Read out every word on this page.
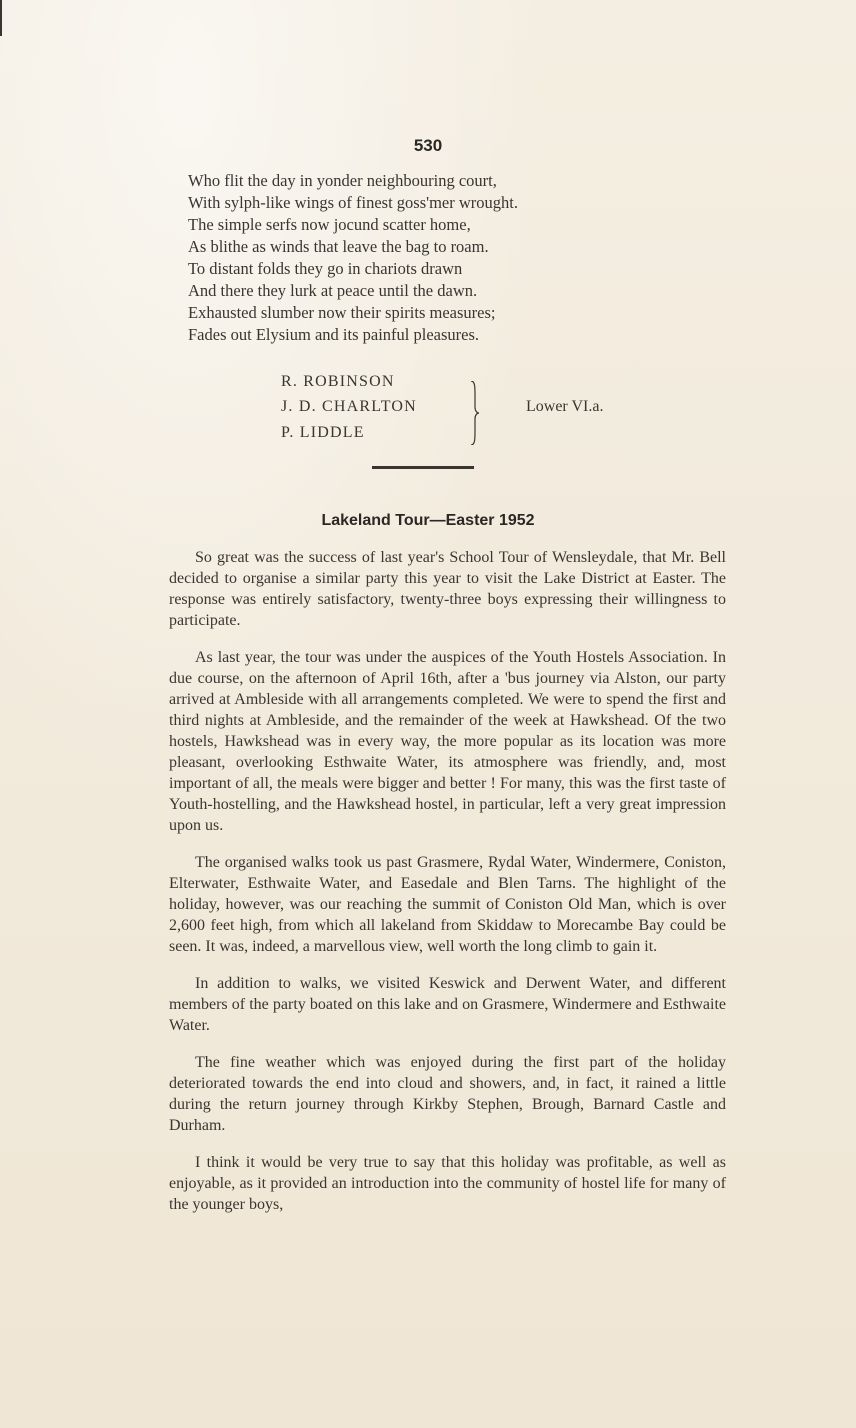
530
Who flit the day in yonder neighbouring court,
With sylph-like wings of finest goss'mer wrought.
The simple serfs now jocund scatter home,
As blithe as winds that leave the bag to roam.
To distant folds they go in chariots drawn
And there they lurk at peace until the dawn.
Exhausted slumber now their spirits measures;
Fades out Elysium and its painful pleasures.
R. ROBINSON
J. D. CHARLTON
P. LIDDLE
Lower VI.a.
Lakeland Tour—Easter 1952

So great was the success of last year's School Tour of Wensleydale, that Mr. Bell decided to organise a similar party this year to visit the Lake District at Easter. The response was entirely satisfactory, twenty-three boys expressing their willingness to participate.

As last year, the tour was under the auspices of the Youth Hostels Association. In due course, on the afternoon of April 16th, after a 'bus journey via Alston, our party arrived at Ambleside with all arrangements completed. We were to spend the first and third nights at Ambleside, and the remainder of the week at Hawkshead. Of the two hostels, Hawkshead was in every way, the more popular as its location was more pleasant, overlooking Esthwaite Water, its atmosphere was friendly, and, most important of all, the meals were bigger and better ! For many, this was the first taste of Youth-hostelling, and the Hawkshead hostel, in particular, left a very great impression upon us.

The organised walks took us past Grasmere, Rydal Water, Windermere, Coniston, Elterwater, Esthwaite Water, and Easedale and Blen Tarns. The highlight of the holiday, however, was our reaching the summit of Coniston Old Man, which is over 2,600 feet high, from which all lakeland from Skiddaw to Morecambe Bay could be seen. It was, indeed, a marvellous view, well worth the long climb to gain it.

In addition to walks, we visited Keswick and Derwent Water, and different members of the party boated on this lake and on Grasmere, Windermere and Esthwaite Water.

The fine weather which was enjoyed during the first part of the holiday deteriorated towards the end into cloud and showers, and, in fact, it rained a little during the return journey through Kirkby Stephen, Brough, Barnard Castle and Durham.

I think it would be very true to say that this holiday was profitable, as well as enjoyable, as it provided an introduction into the community of hostel life for many of the younger boys,
